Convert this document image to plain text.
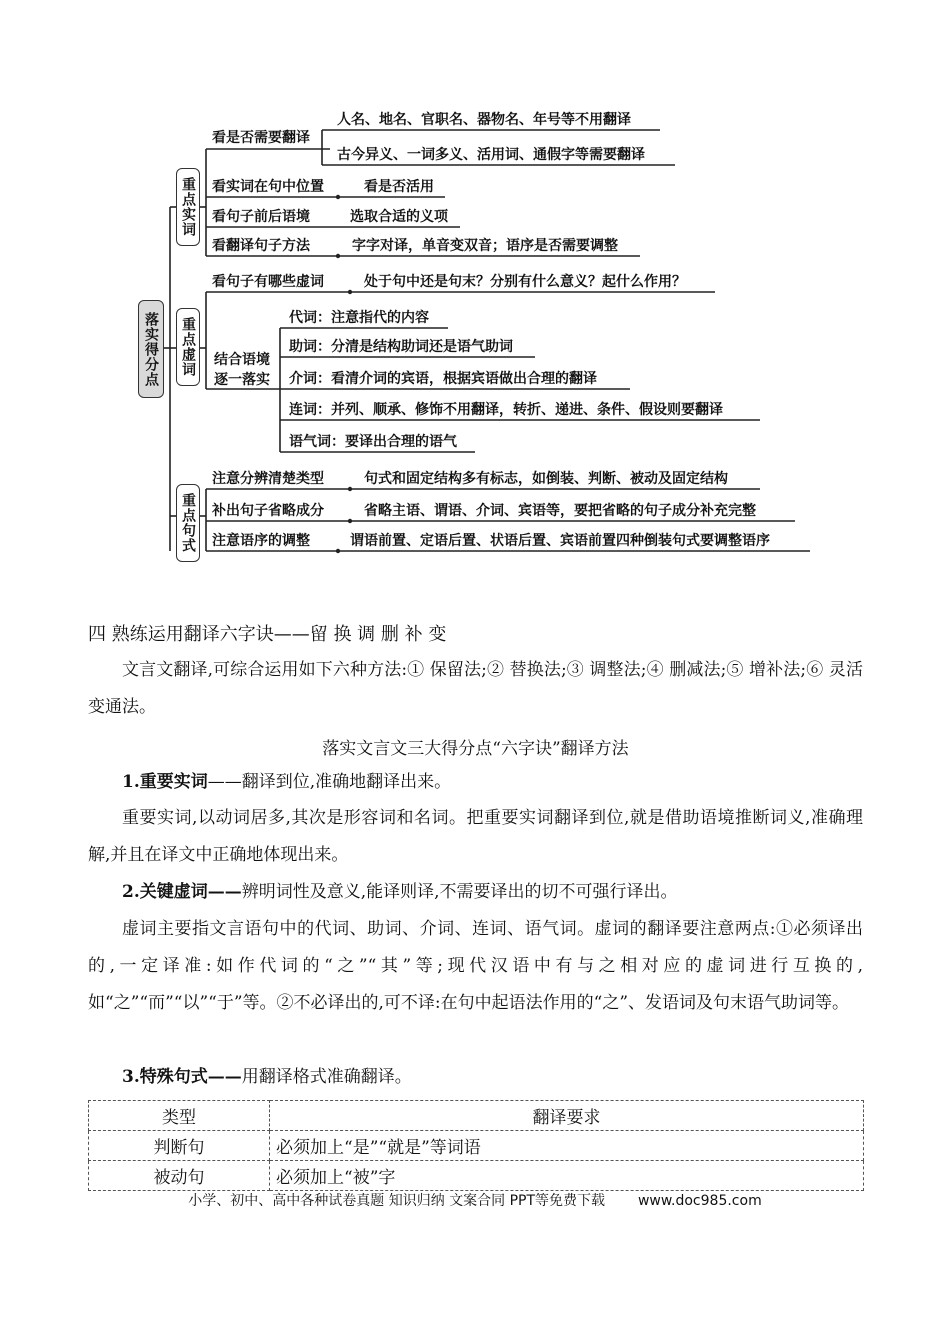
落实得分点
重点实词
重点虚词
重点句式
看是否需要翻译
人名、地名、官职名、器物名、年号等不用翻译
古今异义、一词多义、活用词、通假字等需要翻译
看实词在句中位置	看是否活用
看句子前后语境	选取合适的义项
看翻译句子方法	字字对译，单音变双音；语序是否需要调整
看句子有哪些虚词	处于句中还是句末？分别有什么意义？起什么作用？
结合语境
逐一落实
代词：注意指代的内容
助词：分清是结构助词还是语气助词
介词：看清介词的宾语，根据宾语做出合理的翻译
连词：并列、顺承、修饰不用翻译，转折、递进、条件、假设则要翻译
语气词：要译出合理的语气
注意分辨清楚类型	句式和固定结构多有标志，如倒装、判断、被动及固定结构
补出句子省略成分	省略主语、谓语、介词、宾语等，要把省略的句子成分补充完整
注意语序的调整	谓语前置、定语后置、状语后置、宾语前置四种倒装句式要调整语序
四 熟练运用翻译六字诀——留 换 调 删 补 变

文言文翻译,可综合运用如下六种方法:① 保留法;② 替换法;③ 调整法;④ 删减法;⑤ 增补法;⑥ 灵活变通法。

落实文言文三大得分点“六字诀”翻译方法

1.重要实词——翻译到位,准确地翻译出来。

重要实词,以动词居多,其次是形容词和名词。把重要实词翻译到位,就是借助语境推断词义,准确理解,并且在译文中正确地体现出来。

2.关键虚词——辨明词性及意义,能译则译,不需要译出的切不可强行译出。

虚词主要指文言语句中的代词、助词、介词、连词、语气词。虚词的翻译要注意两点:①必须译出的,一定译准:如作代词的“之”“其”等;现代汉语中有与之相对应的虚词进行互换的,如“之”“而”“以”“于”等。②不必译出的,可不译:在句中起语法作用的“之”、发语词及句末语气助词等。

3.特殊句式——用翻译格式准确翻译。

类型	翻译要求
判断句	必须加上“是”“就是”等词语
被动句	必须加上“被”字
小学、初中、高中各种试卷真题 知识归纳 文案合同 PPT等免费下载 www.doc985.com
